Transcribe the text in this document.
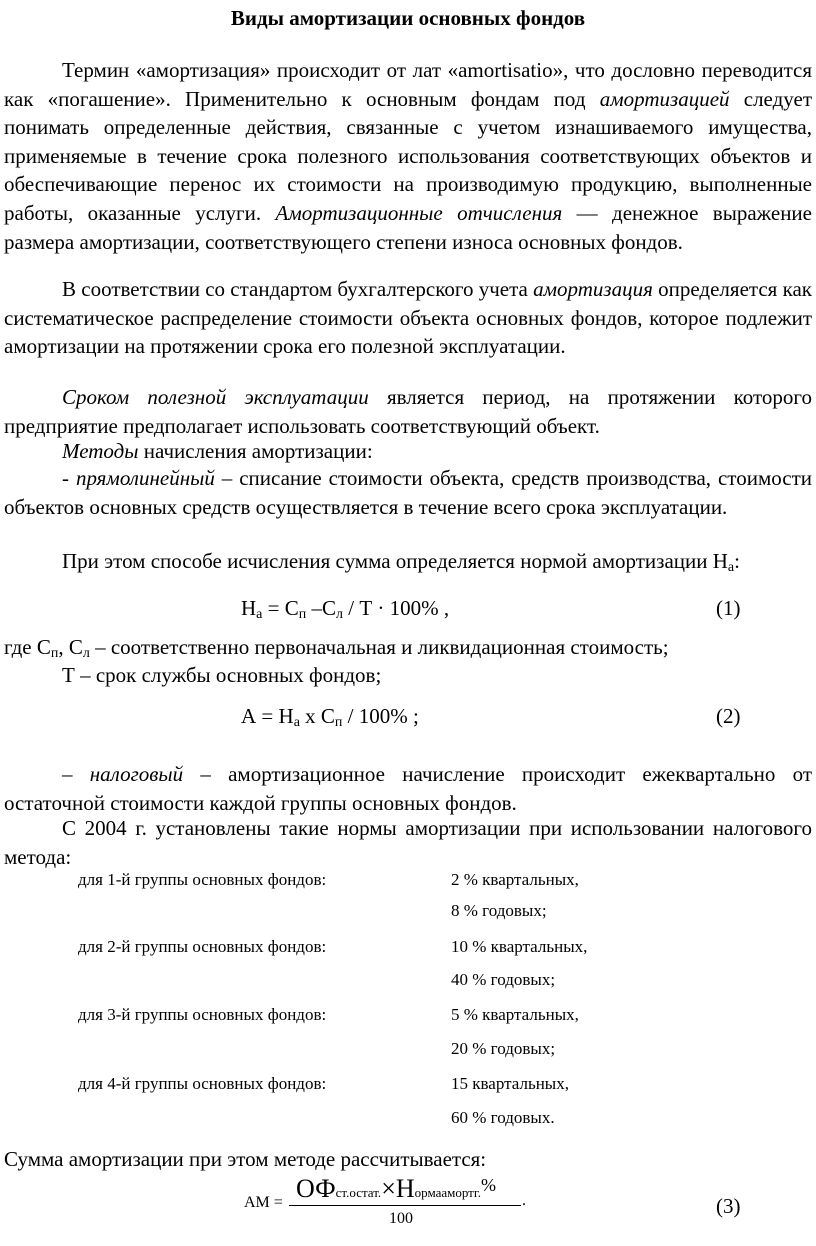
Виды амортизации основных фондов
Термин «амортизация» происходит от лат «amortisatio», что дословно переводится как «погашение». Применительно к основным фондам под амортизацией следует понимать определенные действия, связанные с учетом изнашиваемого имущества, применяемые в течение срока полезного использования соответствующих объектов и обеспечивающие перенос их стоимости на производимую продукцию, выполненные работы, оказанные услуги. Амортизационные отчисления — денежное выражение размера амортизации, соответствующего степени износа основных фондов.
В соответствии со стандартом бухгалтерского учета амортизация определяется как систематическое распределение стоимости объекта основных фондов, которое подлежит амортизации на протяжении срока его полезной эксплуатации.
Сроком полезной эксплуатации является период, на протяжении которого предприятие предполагает использовать соответствующий объект.
Методы начисления амортизации:
- прямолинейный – списание стоимости объекта, средств производства, стоимости объектов основных средств осуществляется в течение всего срока эксплуатации.
При этом способе исчисления сумма определяется нормой амортизации $Н_а$:
$Н_а = С_п$ $-С_л / Т \cdot 100\%$ ,	(1)
где $С_п$, $С_л$ – соответственно первоначальная и ликвидационная стоимость;
Т – срок службы основных фондов;
$А = Н_а$ х $С_п / 100\%$ ;	(2)
– налоговый – амортизационное начисление происходит ежеквартально от остаточной стоимости каждой группы основных фондов.
С 2004 г. установлены такие нормы амортизации при использовании налогового метода:
для 1-й группы основных фондов:	2 % квартальных,
8 % годовых;
для 2-й группы основных фондов:	10 % квартальных,
40 % годовых;
для 3-й группы основных фондов:	5 % квартальных,
20 % годовых;
для 4-й группы основных фондов:	15 квартальных,
60 % годовых.
Сумма амортизации при этом методе рассчитывается:
АМ = ОФст.остат.×Нормаамортг.%
100
.	(3)
